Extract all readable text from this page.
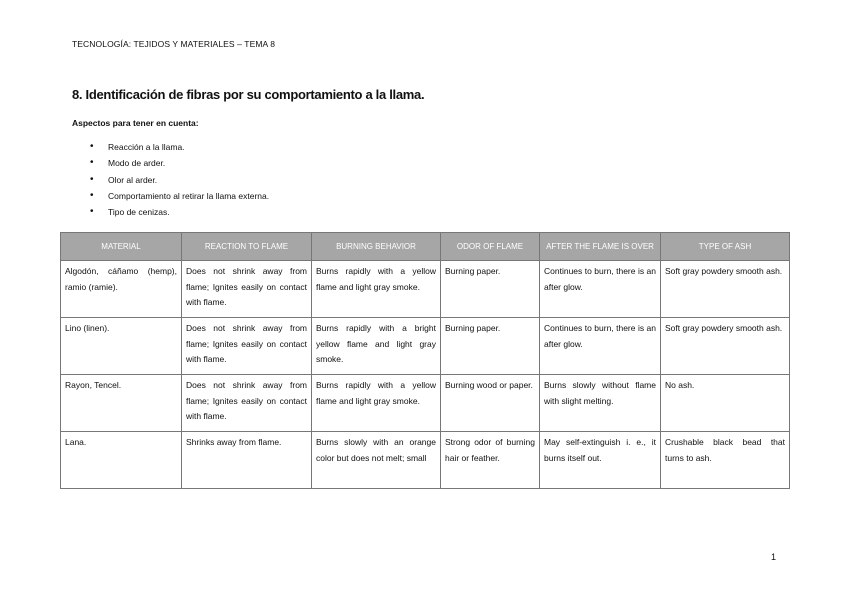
TECNOLOGÍA: TEJIDOS Y MATERIALES – TEMA 8
8. Identificación de fibras por su comportamiento a la llama.
Aspectos para tener en cuenta:
• Reacción a la llama.
• Modo de arder.
• Olor al arder.
• Comportamiento al retirar la llama externa.
• Tipo de cenizas.
MATERIAL	REACTION TO FLAME	BURNING BEHAVIOR	ODOR OF FLAME	AFTER THE FLAME IS OVER	TYPE OF ASH
Algodón, cáñamo (hemp), ramio (ramie).	Does not shrink away from flame; Ignites easily on contact with flame.	Burns rapidly with a yellow flame and light gray smoke.	Burning paper.	Continues to burn, there is an after glow.	Soft gray powdery smooth ash.
Lino (linen).	Does not shrink away from flame; Ignites easily on contact with flame.	Burns rapidly with a bright yellow flame and light gray smoke.	Burning paper.	Continues to burn, there is an after glow.	Soft gray powdery smooth ash.
Rayon, Tencel.	Does not shrink away from flame; Ignites easily on contact with flame.	Burns rapidly with a yellow flame and light gray smoke.	Burning wood or paper.	Burns slowly without flame with slight melting.	No ash.
Lana.	Shrinks away from flame.	Burns slowly with an orange color but does not melt; small	Strong odor of burning hair or feather.	May self-extinguish i. e., it burns itself out.	Crushable black bead that turns to ash.
1
